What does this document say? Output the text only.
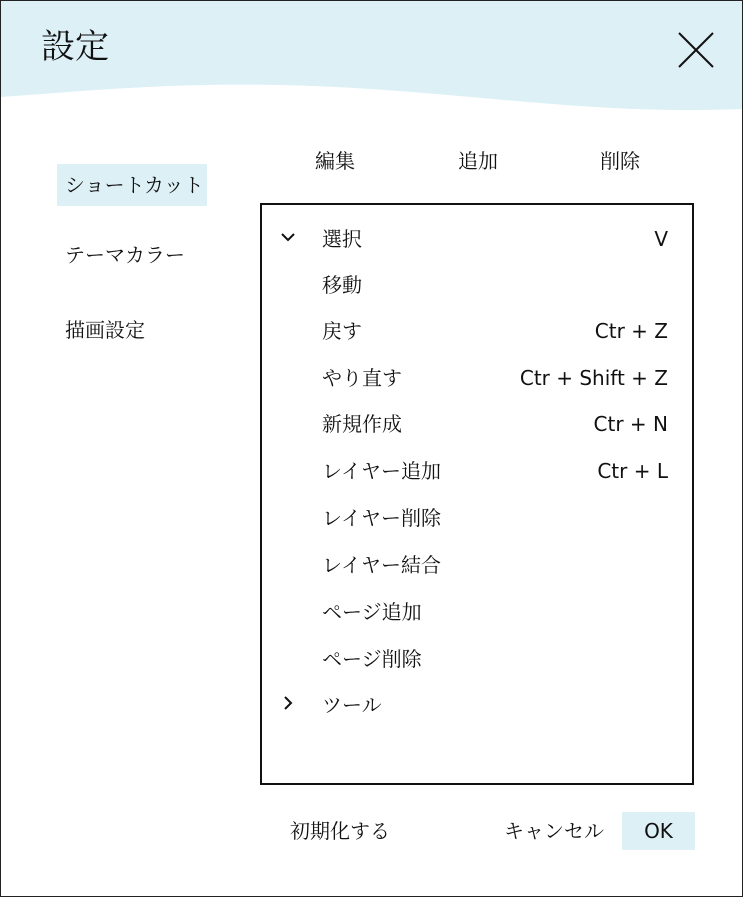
設定
ショートカット
テーマカラー
描画設定
編集	追加	削除
選択	V
移動
戻す	Ctr + Z
やり直す	Ctr + Shift + Z
新規作成	Ctr + N
レイヤー追加	Ctr + L
レイヤー削除
レイヤー結合
ページ追加
ページ削除
ツール
初期化する	キャンセル	OK
